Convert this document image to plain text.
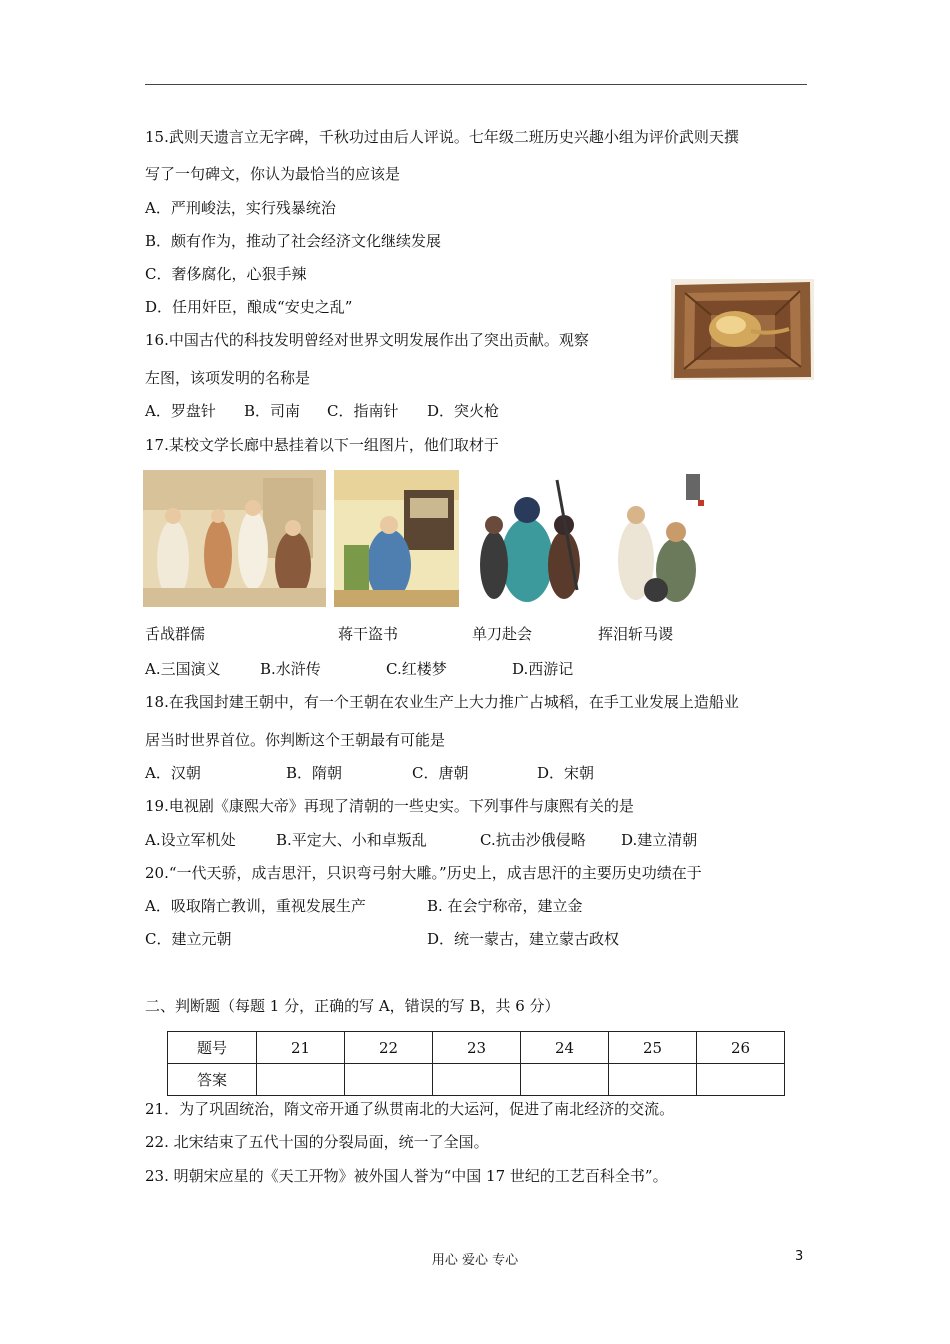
15.武则天遗言立无字碑，千秋功过由后人评说。七年级二班历史兴趣小组为评价武则天撰
写了一句碑文，你认为最恰当的应该是
A．严刑峻法，实行残暴统治
B．颇有作为，推动了社会经济文化继续发展
C．奢侈腐化，心狠手辣
D．任用奸臣，酿成“安史之乱”
16.中国古代的科技发明曾经对世界文明发展作出了突出贡献。观察
左图，该项发明的名称是
A．罗盘针 B．司南 C．指南针 D．突火枪
17.某校文学长廊中悬挂着以下一组图片，他们取材于
舌战群儒	蒋干盗书	单刀赴会	挥泪斩马谡
A.三国演义	B.水浒传	C.红楼梦	D.西游记
18.在我国封建王朝中，有一个王朝在农业生产上大力推广占城稻，在手工业发展上造船业
居当时世界首位。你判断这个王朝最有可能是
A．汉朝	B．隋朝	C．唐朝	D．宋朝
19.电视剧《康熙大帝》再现了清朝的一些史实。下列事件与康熙有关的是
A.设立军机处	B.平定大、小和卓叛乱	C.抗击沙俄侵略 D.建立清朝
20.“一代天骄，成吉思汗，只识弯弓射大雕。”历史上，成吉思汗的主要历史功绩在于
A．吸取隋亡教训，重视发展生产	B. 在会宁称帝，建立金
C．建立元朝	D．统一蒙古，建立蒙古政权
二、判断题（每题 1 分，正确的写 A，错误的写 B，共 6 分）
题号	21	22	23	24	25	26
答案						
21．为了巩固统治，隋文帝开通了纵贯南北的大运河，促进了南北经济的交流。
22. 北宋结束了五代十国的分裂局面，统一了全国。
23. 明朝宋应星的《天工开物》被外国人誉为“中国 17 世纪的工艺百科全书”。
用心 爱心 专心	3
